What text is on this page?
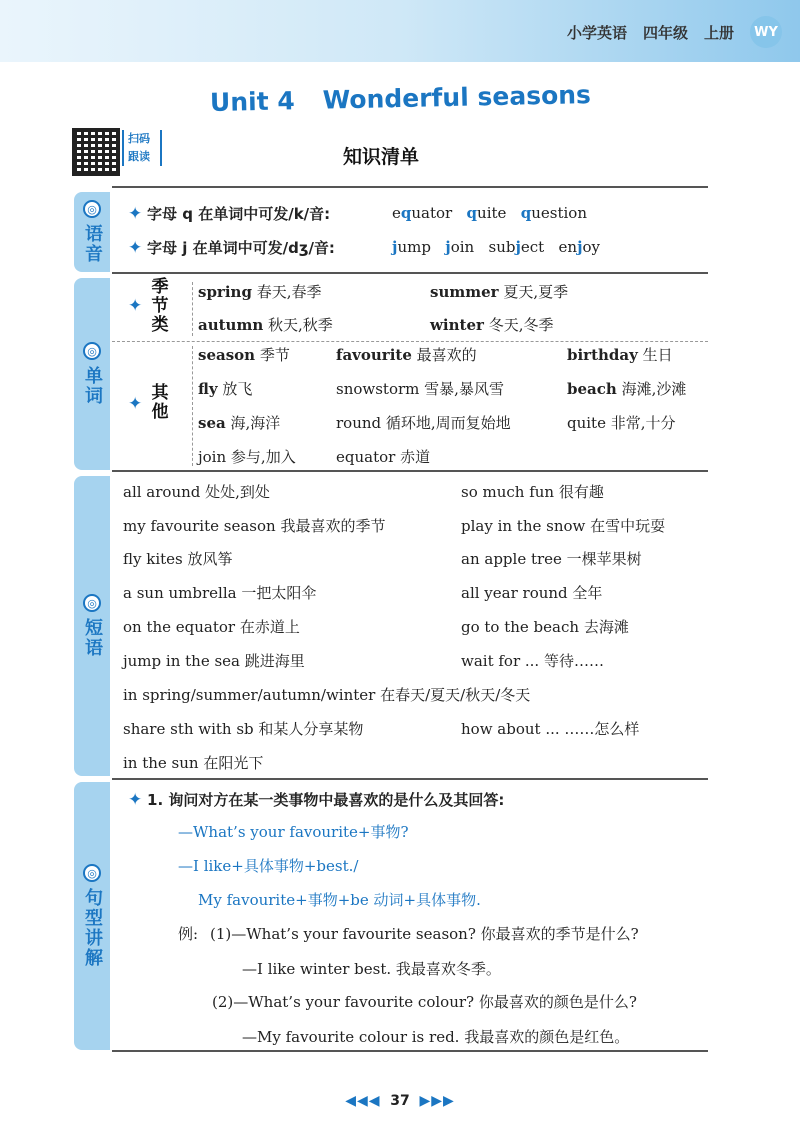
小学英语 四年级 上册	WY
Unit 4 Wonderful seasons
扫码
跟读	知识清单
◎
语音
◎
单词
◎
短语
◎
句型讲解
✦ 字母 q 在单词中可发/k/音:	equator quite question
✦ 字母 j 在单词中可发/dʒ/音:	jump join subject enjoy
✦
季节类
✦
其他
spring 春天,春季	summer 夏天,夏季
autumn 秋天,秋季	winter 冬天,冬季
season 季节	favourite 最喜欢的	birthday 生日
fly 放飞	snowstorm 雪暴,暴风雪	beach 海滩,沙滩
sea 海,海洋	round 循环地,周而复始地	quite 非常,十分
join 参与,加入	equator 赤道
all around 处处,到处	so much fun 很有趣
my favourite season 我最喜欢的季节	play in the snow 在雪中玩耍
fly kites 放风筝	an apple tree 一棵苹果树
a sun umbrella 一把太阳伞	all year round 全年
on the equator 在赤道上	go to the beach 去海滩
jump in the sea 跳进海里	wait for ... 等待……
in spring/summer/autumn/winter 在春天/夏天/秋天/冬天
share sth with sb 和某人分享某物	how about ... ……怎么样
in the sun 在阳光下
✦ 1. 询问对方在某一类事物中最喜欢的是什么及其回答:
—What’s your favourite+事物?
—I like+具体事物+best./
My favourite+事物+be 动词+具体事物.
例: (1)—What’s your favourite season? 你最喜欢的季节是什么?
—I like winter best. 我最喜欢冬季。
(2)—What’s your favourite colour? 你最喜欢的颜色是什么?
—My favourite colour is red. 我最喜欢的颜色是红色。
◀◀◀ 37 ▶▶▶
